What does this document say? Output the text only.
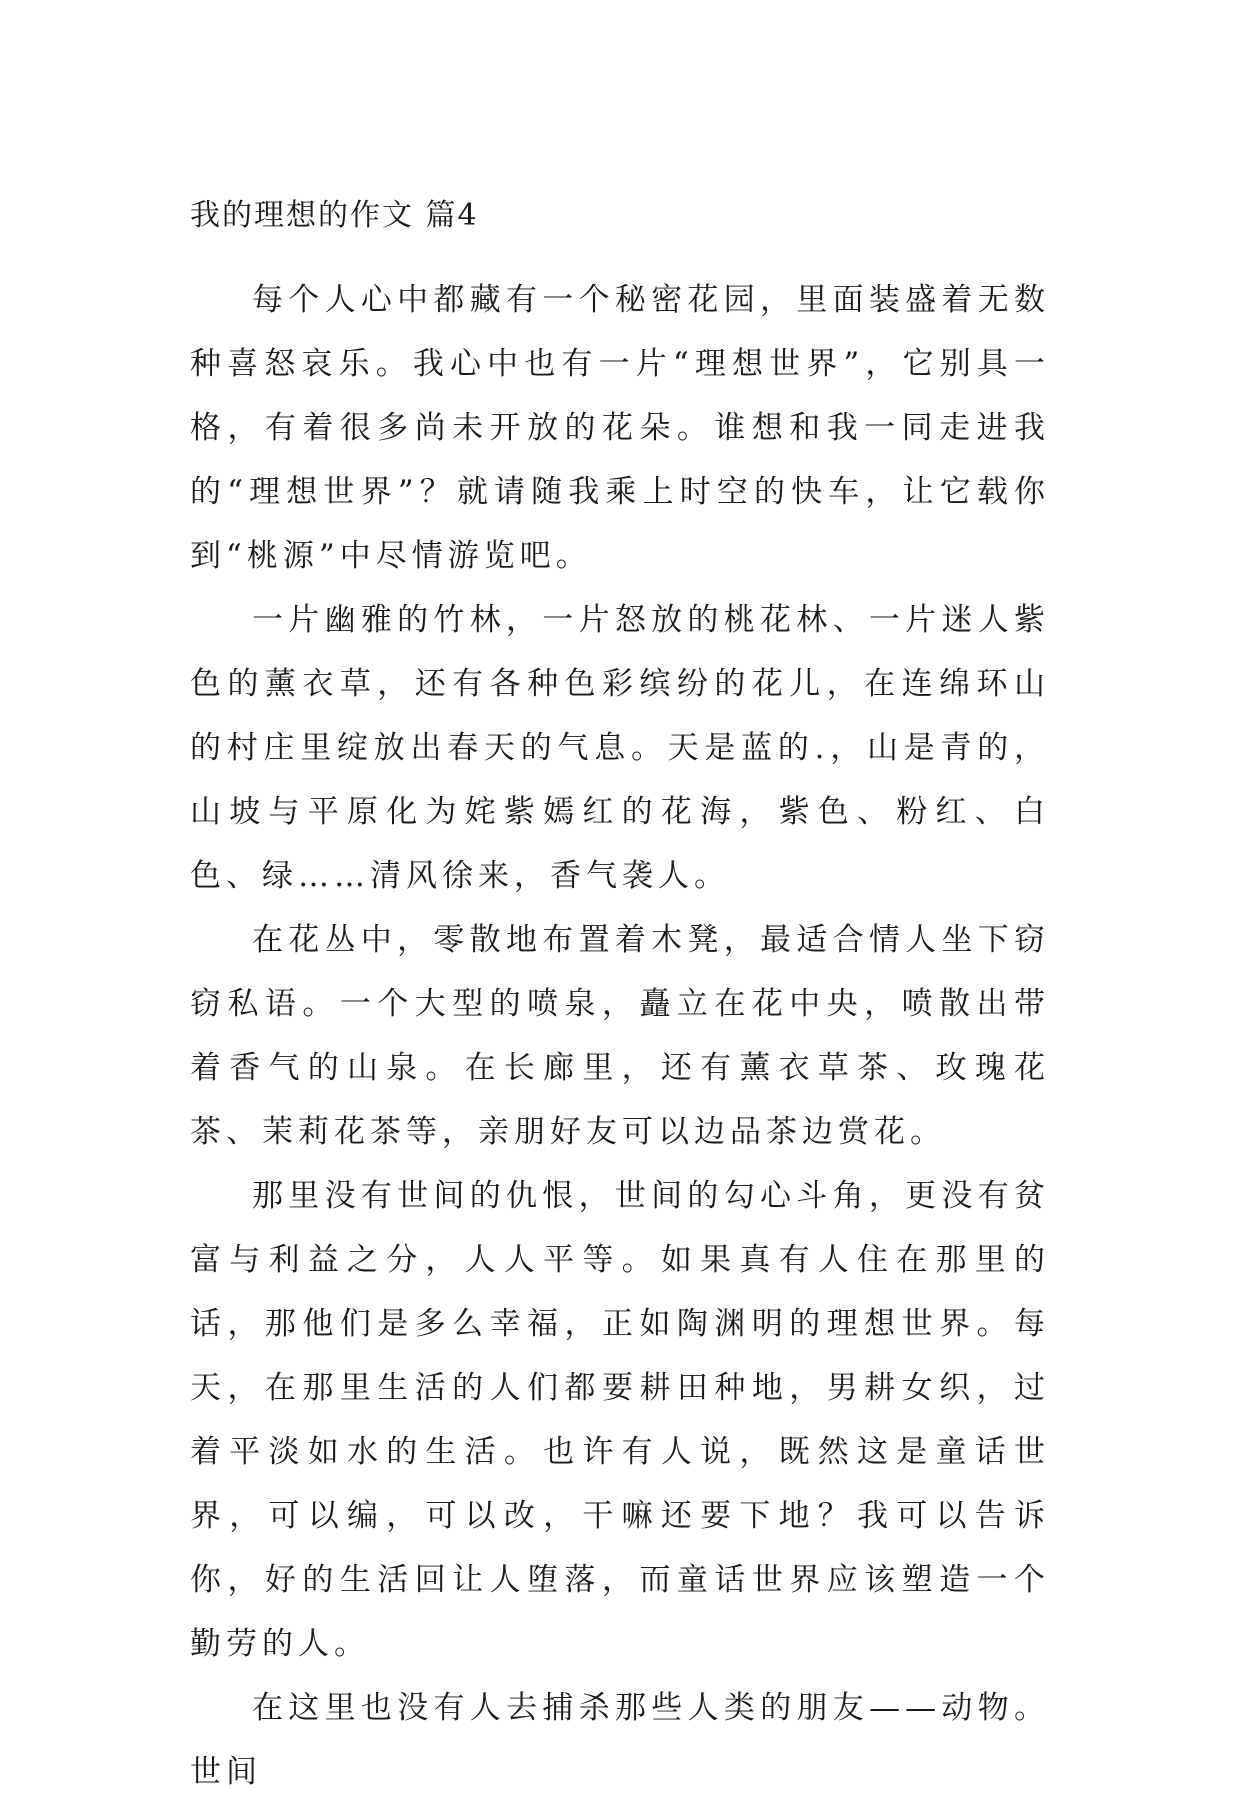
我的理想的作文 篇4

每个人心中都藏有一个秘密花园，里面装盛着无数种喜怒哀乐。我心中也有一片“理想世界”，它别具一格，有着很多尚未开放的花朵。谁想和我一同走进我的“理想世界”？就请随我乘上时空的快车，让它载你到“桃源”中尽情游览吧。

一片幽雅的竹林，一片怒放的桃花林、一片迷人紫色的薰衣草，还有各种色彩缤纷的花儿，在连绵环山的村庄里绽放出春天的气息。天是蓝的.，山是青的，山坡与平原化为姹紫嫣红的花海，紫色、粉红、白色、绿……清风徐来，香气袭人。

在花丛中，零散地布置着木凳，最适合情人坐下窃窃私语。一个大型的喷泉，矗立在花中央，喷散出带着香气的山泉。在长廊里，还有薰衣草茶、玫瑰花茶、茉莉花茶等，亲朋好友可以边品茶边赏花。

那里没有世间的仇恨，世间的勾心斗角，更没有贫富与利益之分，人人平等。如果真有人住在那里的话，那他们是多么幸福，正如陶渊明的理想世界。每天，在那里生活的人们都要耕田种地，男耕女织，过着平淡如水的生活。也许有人说，既然这是童话世界，可以编，可以改，干嘛还要下地？我可以告诉你，好的生活回让人堕落，而童话世界应该塑造一个勤劳的人。

在这里也没有人去捕杀那些人类的朋友——动物。世间
